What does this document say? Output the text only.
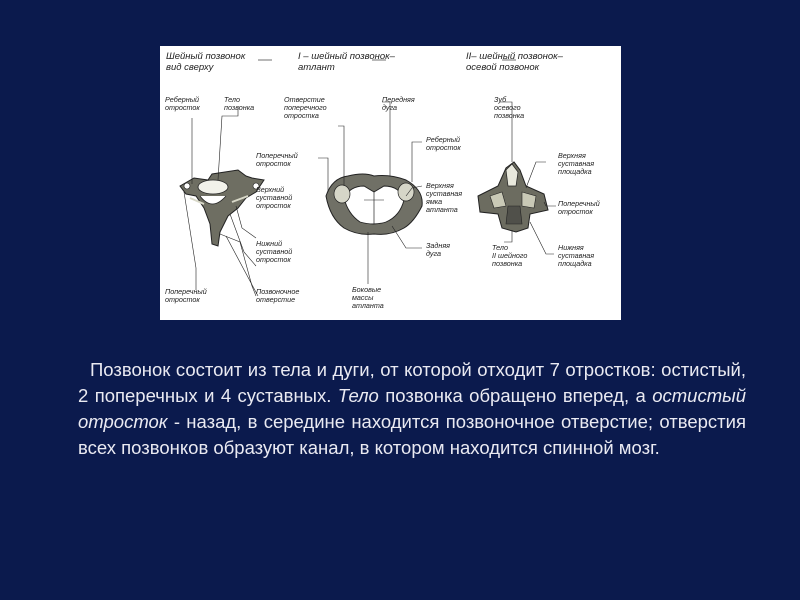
Шейный позвонок
вид сверху
I – шейный позвонок–
атлант
II– шейный позвонок–
осевой позвонок
Реберный
отросток
Тело
позвонка
Поперечный
отросток
Верхний
суставной
отросток
Нижний
суставной
отросток
Позвоночное
отверстие
Поперечный
отросток
Отверстие
поперечного
отростка
Передняя
дуга
Реберный
отросток
Верхняя
суставная
ямка
атланта
Задняя
дуга
Боковые
массы
атланта
Зуб
осевого
позвонка
Верхняя
суставная
площадка
Поперечный
отросток
Тело
II шейного
позвонка
Нижняя
суставная
площадка

Позвонок состоит из тела и дуги, от которой отходит 7 отростков: остистый, 2 поперечных и 4 суставных. Тело позвонка обращено вперед, а остистый отросток - назад, в середине находится позвоночное отверстие; отверстия всех позвонков образуют канал, в котором находится спинной мозг.
